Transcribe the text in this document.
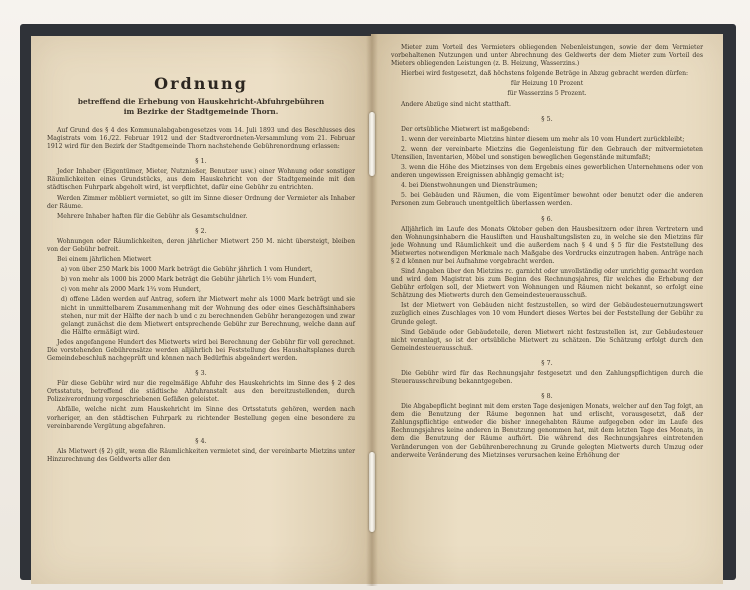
Ordnung
betreffend die Erhebung von Hauskehricht-Abfuhrgebühren
im Bezirke der Stadtgemeinde Thorn.

Auf Grund des § 4 des Kommunalabgabengesetzes vom 14. Juli 1893 und des Beschlusses des Magistrats vom 16./22. Februar 1912 und der Stadtverordneten-Versammlung vom 21. Februar 1912 wird für den Bezirk der Stadtgemeinde Thorn nachstehende Gebührenordnung erlassen:

§ 1.

Jeder Inhaber (Eigentümer, Mieter, Nutznießer, Benutzer usw.) einer Wohnung oder sonstiger Räumlichkeiten eines Grundstücks, aus dem Hauskehricht von der Stadtgemeinde mit den städtischen Fuhrpark abgeholt wird, ist verpflichtet, dafür eine Gebühr zu entrichten.

Werden Zimmer möbliert vermietet, so gilt im Sinne dieser Ordnung der Vermieter als Inhaber der Räume.

Mehrere Inhaber haften für die Gebühr als Gesamtschuldner.

§ 2.

Wohnungen oder Räumlichkeiten, deren jährlicher Mietwert 250 M. nicht übersteigt, bleiben von der Gebühr befreit.

Bei einem jährlichen Mietwert

a) von über 250 Mark bis 1000 Mark beträgt die Gebühr jährlich 1 vom Hundert,

b) von mehr als 1000 bis 2000 Mark beträgt die Gebühr jährlich 1½ vom Hundert,

c) von mehr als 2000 Mark 1¾ vom Hundert,

d) offene Läden werden auf Antrag, sofern ihr Mietwert mehr als 1000 Mark beträgt und sie nicht in unmittelbarem Zusammenhang mit der Wohnung des oder eines Geschäftsinhabers stehen, nur mit der Hälfte der nach b und c zu berechnenden Gebühr herangezogen und zwar gelangt zunächst die dem Mietwert entsprechende Gebühr zur Berechnung, welche dann auf die Hälfte ermäßigt wird.

Jedes angefangene Hundert des Mietwerts wird bei Berechnung der Gebühr für voll gerechnet. Die vorstehenden Gebührensätze werden alljährlich bei Feststellung des Haushaltsplanes durch Gemeindebeschluß nachgeprüft und können nach Bedürfnis abgeändert werden.

§ 3.

Für diese Gebühr wird nur die regelmäßige Abfuhr des Hauskehrichts im Sinne des § 2 des Ortsstatuts, betreffend die städtische Abfuhranstalt aus den bereitzustellenden, durch Polizeiverordnung vorgeschriebenen Gefäßen geleistet.

Abfälle, welche nicht zum Hauskehricht im Sinne des Ortsstatuts gehören, werden nach vorheriger, an den städtischen Fuhrpark zu richtender Bestellung gegen eine besondere zu vereinbarende Vergütung abgefahren.

§ 4.

Als Mietwert (§ 2) gilt, wenn die Räumlichkeiten vermietet sind, der vereinbarte Mietzins unter Hinzurechnung des Geldwerts aller den

Mieter zum Vorteil des Vermieters obliegenden Nebenleistungen, sowie der dem Vermieter vorbehaltenen Nutzungen und unter Abrechnung des Geldwerts der dem Mieter zum Vorteil des Mieters obliegenden Leistungen (z. B. Heizung, Wasserzins.)

Hierbei wird festgesetzt, daß höchstens folgende Beträge in Abzug gebracht werden dürfen:

für Heizung 10 Prozent

für Wasserzins 5 Prozent.

Andere Abzüge sind nicht statthaft.

§ 5.

Der ortsübliche Mietwert ist maßgebend:

1. wenn der vereinbarte Mietzins hinter diesem um mehr als 10 vom Hundert zurückbleibt;

2. wenn der vereinbarte Mietzins die Gegenleistung für den Gebrauch der mitvermieteten Utensilien, Inventarien, Möbel und sonstigen beweglichen Gegenstände mitumfaßt;

3. wenn die Höhe des Mietzinses von dem Ergebnis eines gewerblichen Unternehmens oder von anderen ungewissen Ereignissen abhängig gemacht ist;

4. bei Dienstwohnungen und Diensträumen;

5. bei Gebäuden und Räumen, die vom Eigentümer bewohnt oder benutzt oder die anderen Personen zum Gebrauch unentgeltlich überlassen werden.

§ 6.

Alljährlich im Laufe des Monats Oktober geben den Hausbesitzern oder ihren Vertretern und den Wohnungsinhabern die Hausliften und Haushaltungslisten zu, in welche sie den Mietzins für jede Wohnung und Räumlichkeit und die außerdem nach § 4 und § 5 für die Feststellung des Mietwertes notwendigen Merkmale nach Maßgabe des Vordrucks einzutragen haben. Anträge nach § 2 d können nur bei Aufnahme vorgebracht werden.

Sind Angaben über den Mietzins rc. garnicht oder unvollständig oder unrichtig gemacht worden und wird dem Magistrat bis zum Beginn des Rechnungsjahres, für welches die Erhebung der Gebühr erfolgen soll, der Mietwert von Wohnungen und Räumen nicht bekannt, so erfolgt eine Schätzung des Mietwerts durch den Gemeindesteuerausschuß.

Ist der Mietwert von Gebäuden nicht festzustellen, so wird der Gebäudesteuernutzungswert zuzüglich eines Zuschlages von 10 vom Hundert dieses Wertes bei der Feststellung der Gebühr zu Grunde gelegt.

Sind Gebäude oder Gebäudeteile, deren Mietwert nicht festzustellen ist, zur Gebäudesteuer nicht veranlagt, so ist der ortsübliche Mietwert zu schätzen. Die Schätzung erfolgt durch den Gemeindesteuerausschuß.

§ 7.

Die Gebühr wird für das Rechnungsjahr festgesetzt und den Zahlungspflichtigen durch die Steuerausschreibung bekanntgegeben.

§ 8.

Die Abgabepflicht beginnt mit dem ersten Tage desjenigen Monats, welcher auf den Tag folgt, an dem die Benutzung der Räume begonnen hat und erlischt, vorausgesetzt, daß der Zahlungspflichtige entweder die bisher innegehabten Räume aufgegeben oder im Laufe des Rechnungsjahres keine anderen in Benutzung genommen hat, mit dem letzten Tage des Monats, in dem die Benutzung der Räume aufhört. Die während des Rechnungsjahres eintretenden Veränderungen von der Gebührenberechnung zu Grunde gelegten Mietwerts durch Umzug oder anderweite Veränderung des Mietzinses verursachen keine Erhöhung der
